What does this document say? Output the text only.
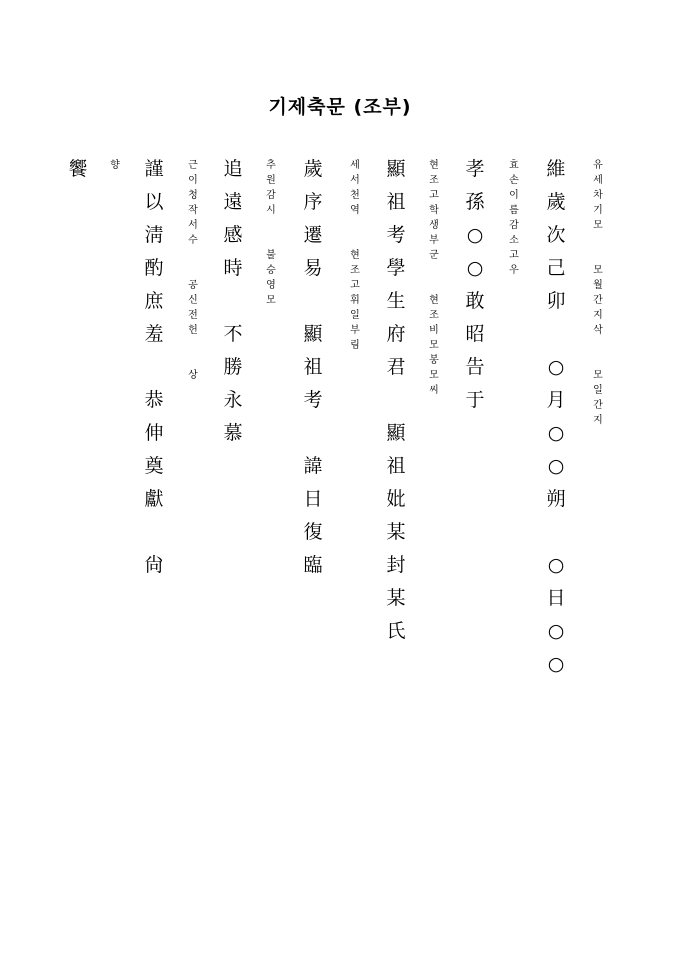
기제축문 (조부)
유
세
차
기
모
모
월
간
지
삭
모
일
간
지
維
歲
次
己
卯
○
月
○
○
朔
○
日
○
○
효
손
이
름
감
소
고
우
孝
孫
○
○
敢
昭
告
于
현
조
고
학
생
부
군
현
조
비
모
봉
모
씨
顯
祖
考
學
生
府
君
顯
祖
妣
某
封
某
氏
세
서
천
역
현
조
고
휘
일
부
림
歲
序
遷
易
顯
祖
考
諱
日
復
臨
추
원
감
시
불
승
영
모
追
遠
感
時
不
勝
永
慕
근
이
청
작
서
수
공
신
전
헌
상
謹
以
淸
酌
庶
羞
恭
伸
奠
獻
尙
향
饗
